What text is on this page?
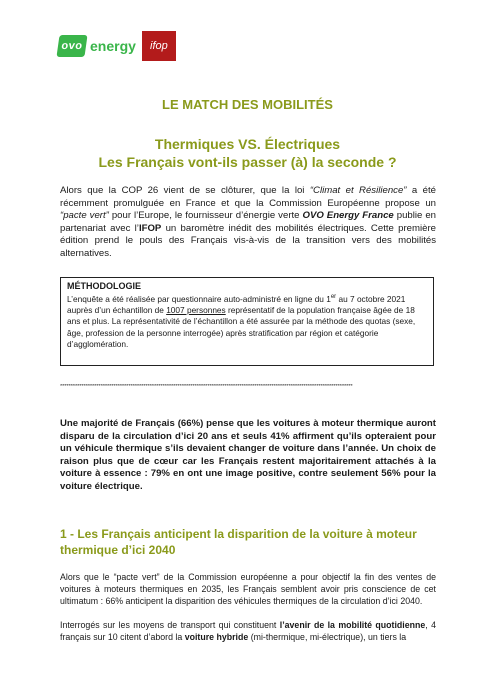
ovo energy	ifop
LE MATCH DES MOBILITÉS
Thermiques VS. Électriques
Les Français vont-ils passer (à) la seconde ?
Alors que la COP 26 vient de se clôturer, que la loi “Climat et Résilience” a été récemment promulguée en France et que la Commission Européenne propose un “pacte vert” pour l’Europe, le fournisseur d’énergie verte OVO Energy France publie en partenariat avec l’IFOP un baromètre inédit des mobilités électriques. Cette première édition prend le pouls des Français vis-à-vis de la transition vers des mobilités alternatives.
MÉTHODOLOGIE
L’enquête a été réalisée par questionnaire auto-administré en ligne du 1er au 7 octobre 2021 auprès d’un échantillon de 1007 personnes représentatif de la population française âgée de 18 ans et plus. La représentativité de l’échantillon a été assurée par la méthode des quotas (sexe, âge, profession de la personne interrogée) après stratification par région et catégorie d’agglomération.
*****************************************************************************************************************************************
Une majorité de Français (66%) pense que les voitures à moteur thermique auront disparu de la circulation d’ici 20 ans et seuls 41% affirment qu’ils opteraient pour un véhicule thermique s’ils devaient changer de voiture dans l’année. Un choix de raison plus que de cœur car les Français restent majoritairement attachés à la voiture à essence : 79% en ont une image positive, contre seulement 56% pour la voiture électrique.
1 - Les Français anticipent la disparition de la voiture à moteur thermique d’ici 2040
Alors que le “pacte vert” de la Commission européenne a pour objectif la fin des ventes de voitures à moteurs thermiques en 2035, les Français semblent avoir pris conscience de cet ultimatum : 66% anticipent la disparition des véhicules thermiques de la circulation d’ici 2040.
Interrogés sur les moyens de transport qui constituent l’avenir de la mobilité quotidienne, 4 français sur 10 citent d’abord la voiture hybride (mi-thermique, mi-électrique), un tiers la
